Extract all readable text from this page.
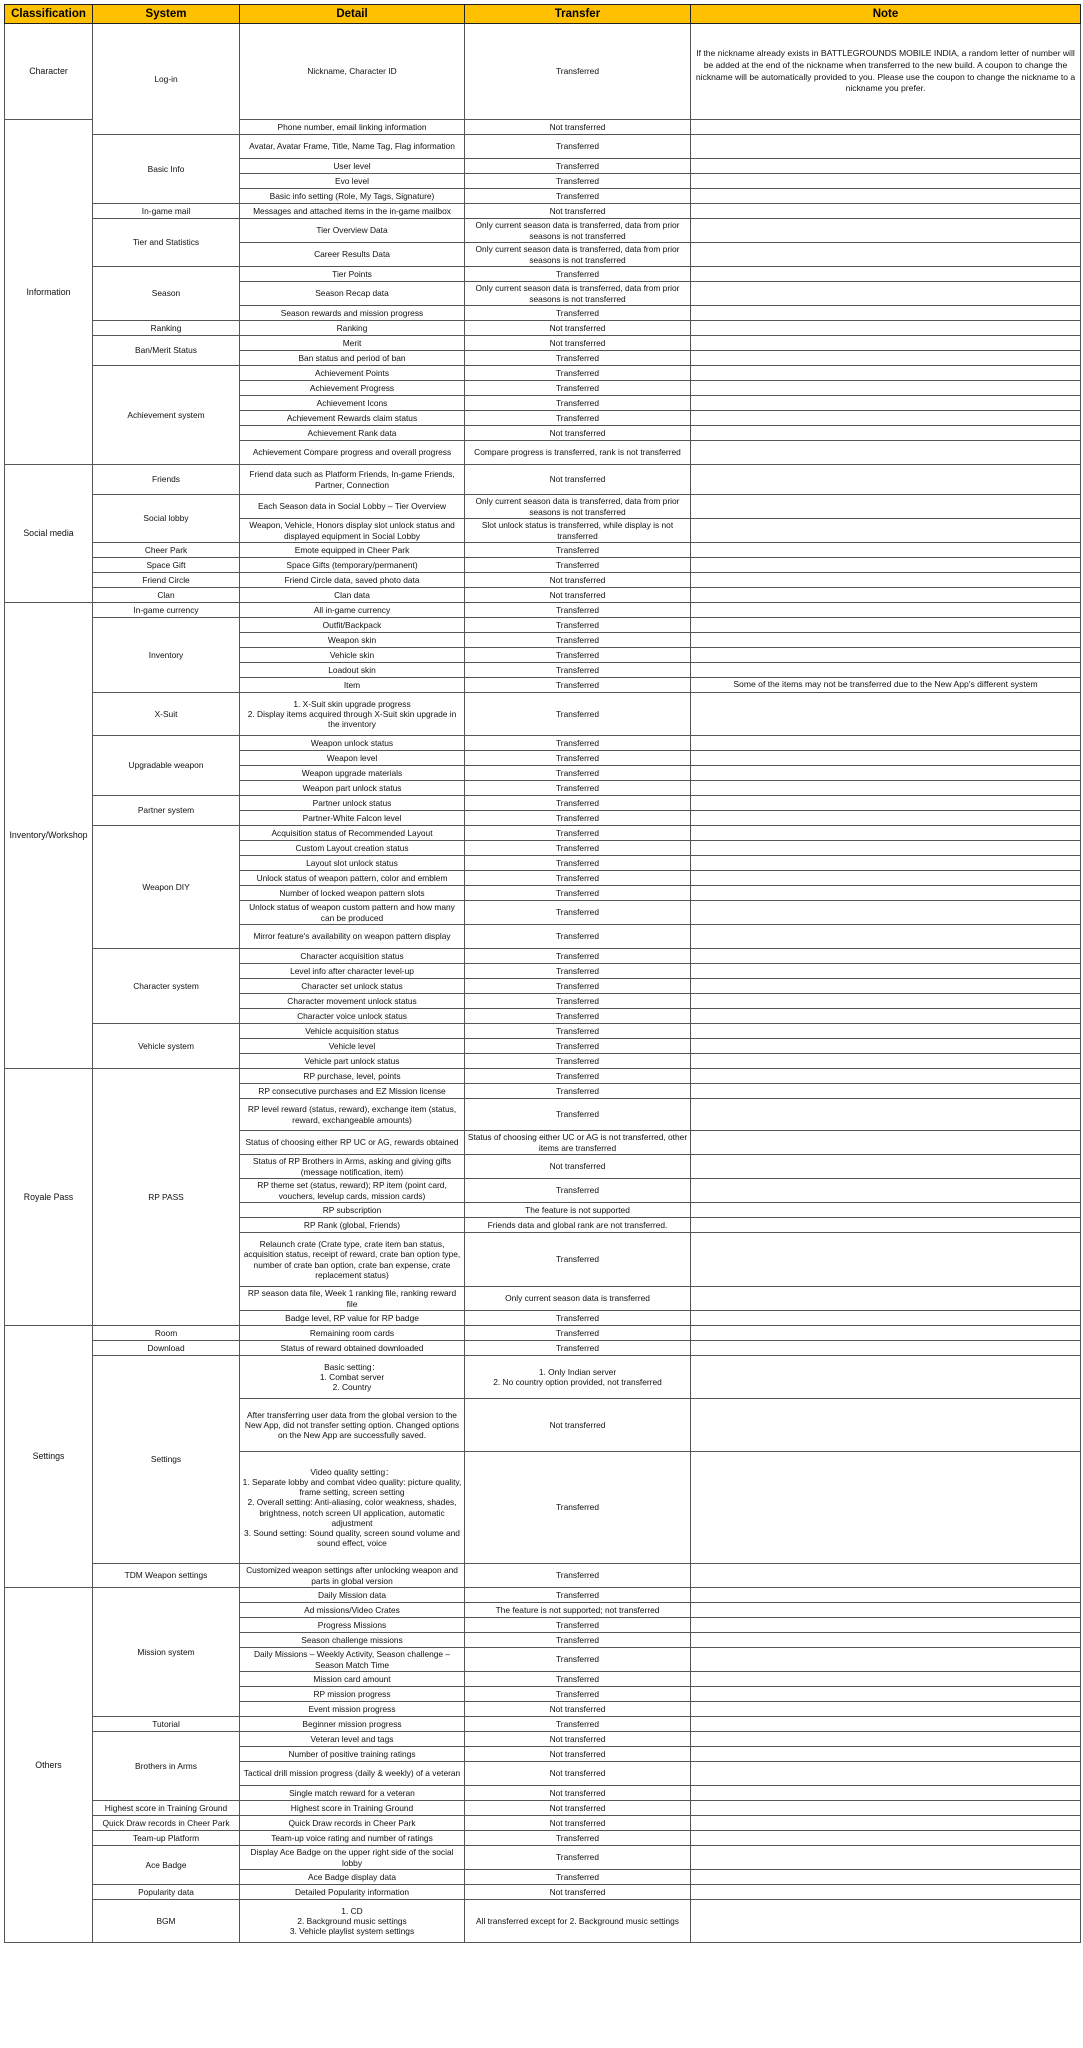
Classification	System	Detail	Transfer	Note
Character	Log-in	Nickname, Character ID	Transferred	If the nickname already exists in BATTLEGROUNDS MOBILE INDIA, a random letter of number will be added at the end of the nickname when transferred to the new build. A coupon to change the nickname will be automatically provided to you. Please use the coupon to change the nickname to a nickname you prefer.
Information		Phone number, email linking information	Not transferred	
	Basic Info	Avatar, Avatar Frame, Title, Name Tag, Flag information	Transferred	
		User level	Transferred	
		Evo level	Transferred	
		Basic info setting (Role, My Tags, Signature)	Transferred	
	In-game mail	Messages and attached items in the in-game mailbox	Not transferred	
	Tier and Statistics	Tier Overview Data	Only current season data is transferred, data from prior seasons is not transferred	
		Career Results Data	Only current season data is transferred, data from prior seasons is not transferred	
	Season	Tier Points	Transferred	
		Season Recap data	Only current season data is transferred, data from prior seasons is not transferred	
		Season rewards and mission progress	Transferred	
	Ranking	Ranking	Not transferred	
	Ban/Merit Status	Merit	Not transferred	
		Ban status and period of ban	Transferred	
	Achievement system	Achievement Points	Transferred	
		Achievement Progress	Transferred	
		Achievement Icons	Transferred	
		Achievement Rewards claim status	Transferred	
		Achievement Rank data	Not transferred	
		Achievement Compare progress and overall progress	Compare progress is transferred, rank is not transferred	
Social media	Friends	Friend data such as Platform Friends, In-game Friends, Partner, Connection	Not transferred	
	Social lobby	Each Season data in Social Lobby – Tier Overview	Only current season data is transferred, data from prior seasons is not transferred	
		Weapon, Vehicle, Honors display slot unlock status and displayed equipment in Social Lobby	Slot unlock status is transferred, while display is not transferred	
	Cheer Park	Emote equipped in Cheer Park	Transferred	
	Space Gift	Space Gifts (temporary/permanent)	Transferred	
	Friend Circle	Friend Circle data, saved photo data	Not transferred	
	Clan	Clan data	Not transferred	
Inventory/Workshop	In-game currency	All in-game currency	Transferred	
	Inventory	Outfit/Backpack	Transferred	
		Weapon skin	Transferred	
		Vehicle skin	Transferred	
		Loadout skin	Transferred	
		Item	Transferred	Some of the items may not be transferred due to the New App's different system
	X-Suit	1. X-Suit skin upgrade progress
2. Display items acquired through X-Suit skin upgrade in the inventory	Transferred	
	Upgradable weapon	Weapon unlock status	Transferred	
		Weapon level	Transferred	
		Weapon upgrade materials	Transferred	
		Weapon part unlock status	Transferred	
	Partner system	Partner unlock status	Transferred	
		Partner-White Falcon level	Transferred	
	Weapon DIY	Acquisition status of Recommended Layout	Transferred	
		Custom Layout creation status	Transferred	
		Layout slot unlock status	Transferred	
		Unlock status of weapon pattern, color and emblem	Transferred	
		Number of locked weapon pattern slots	Transferred	
		Unlock status of weapon custom pattern and how many can be produced	Transferred	
		Mirror feature's availability on weapon pattern display	Transferred	
	Character system	Character acquisition status	Transferred	
		Level info after character level-up	Transferred	
		Character set unlock status	Transferred	
		Character movement unlock status	Transferred	
		Character voice unlock status	Transferred	
	Vehicle system	Vehicle acquisition status	Transferred	
		Vehicle level	Transferred	
		Vehicle part unlock status	Transferred	
Royale Pass	RP PASS	RP purchase, level, points	Transferred	
		RP consecutive purchases and EZ Mission license	Transferred	
		RP level reward (status, reward), exchange item (status, reward, exchangeable amounts)	Transferred	
		Status of choosing either RP UC or AG, rewards obtained	Status of choosing either UC or AG is not transferred, other items are transferred	
		Status of RP Brothers in Arms, asking and giving gifts (message notification, item)	Not transferred	
		RP theme set (status, reward); RP item (point card, vouchers, levelup cards, mission cards)	Transferred	
		RP subscription	The feature is not supported	
		RP Rank (global, Friends)	Friends data and global rank are not transferred.	
		Relaunch crate (Crate type, crate item ban status, acquisition status, receipt of reward, crate ban option type, number of crate ban option, crate ban expense, crate replacement status)	Transferred	
		RP season data file, Week 1 ranking file, ranking reward file	Only current season data is transferred	
		Badge level, RP value for RP badge	Transferred	
Settings	Room	Remaining room cards	Transferred	
	Download	Status of reward obtained downloaded	Transferred	
	Settings	Basic setting：
1. Combat server
2. Country	1. Only Indian server
2. No country option provided, not transferred	
		After transferring user data from the global version to the New App, did not transfer setting option. Changed options on the New App are successfully saved.	Not transferred	
		Video quality setting：
1. Separate lobby and combat video quality: picture quality, frame setting, screen setting
2. Overall setting: Anti-aliasing, color weakness, shades, brightness, notch screen UI application, automatic adjustment
3. Sound setting: Sound quality, screen sound volume and sound effect, voice	Transferred	
	TDM Weapon settings	Customized weapon settings after unlocking weapon and parts in global version	Transferred	
Others	Mission system	Daily Mission data	Transferred	
		Ad missions/Video Crates	The feature is not supported; not transferred	
		Progress Missions	Transferred	
		Season challenge missions	Transferred	
		Daily Missions – Weekly Activity, Season challenge – Season Match Time	Transferred	
		Mission card amount	Transferred	
		RP mission progress	Transferred	
		Event mission progress	Not transferred	
	Tutorial	Beginner mission progress	Transferred	
	Brothers in Arms	Veteran level and tags	Not transferred	
		Number of positive training ratings	Not transferred	
		Tactical drill mission progress (daily & weekly) of a veteran	Not transferred	
		Single match reward for a veteran	Not transferred	
	Highest score in Training Ground	Highest score in Training Ground	Not transferred	
	Quick Draw records in Cheer Park	Quick Draw records in Cheer Park	Not transferred	
	Team-up Platform	Team-up voice rating and number of ratings	Transferred	
	Ace Badge	Display Ace Badge on the upper right side of the social lobby	Transferred	
		Ace Badge display data	Transferred	
	Popularity data	Detailed Popularity information	Not transferred	
	BGM	1. CD
2. Background music settings
3. Vehicle playlist system settings	All transferred except for 2. Background music settings	
